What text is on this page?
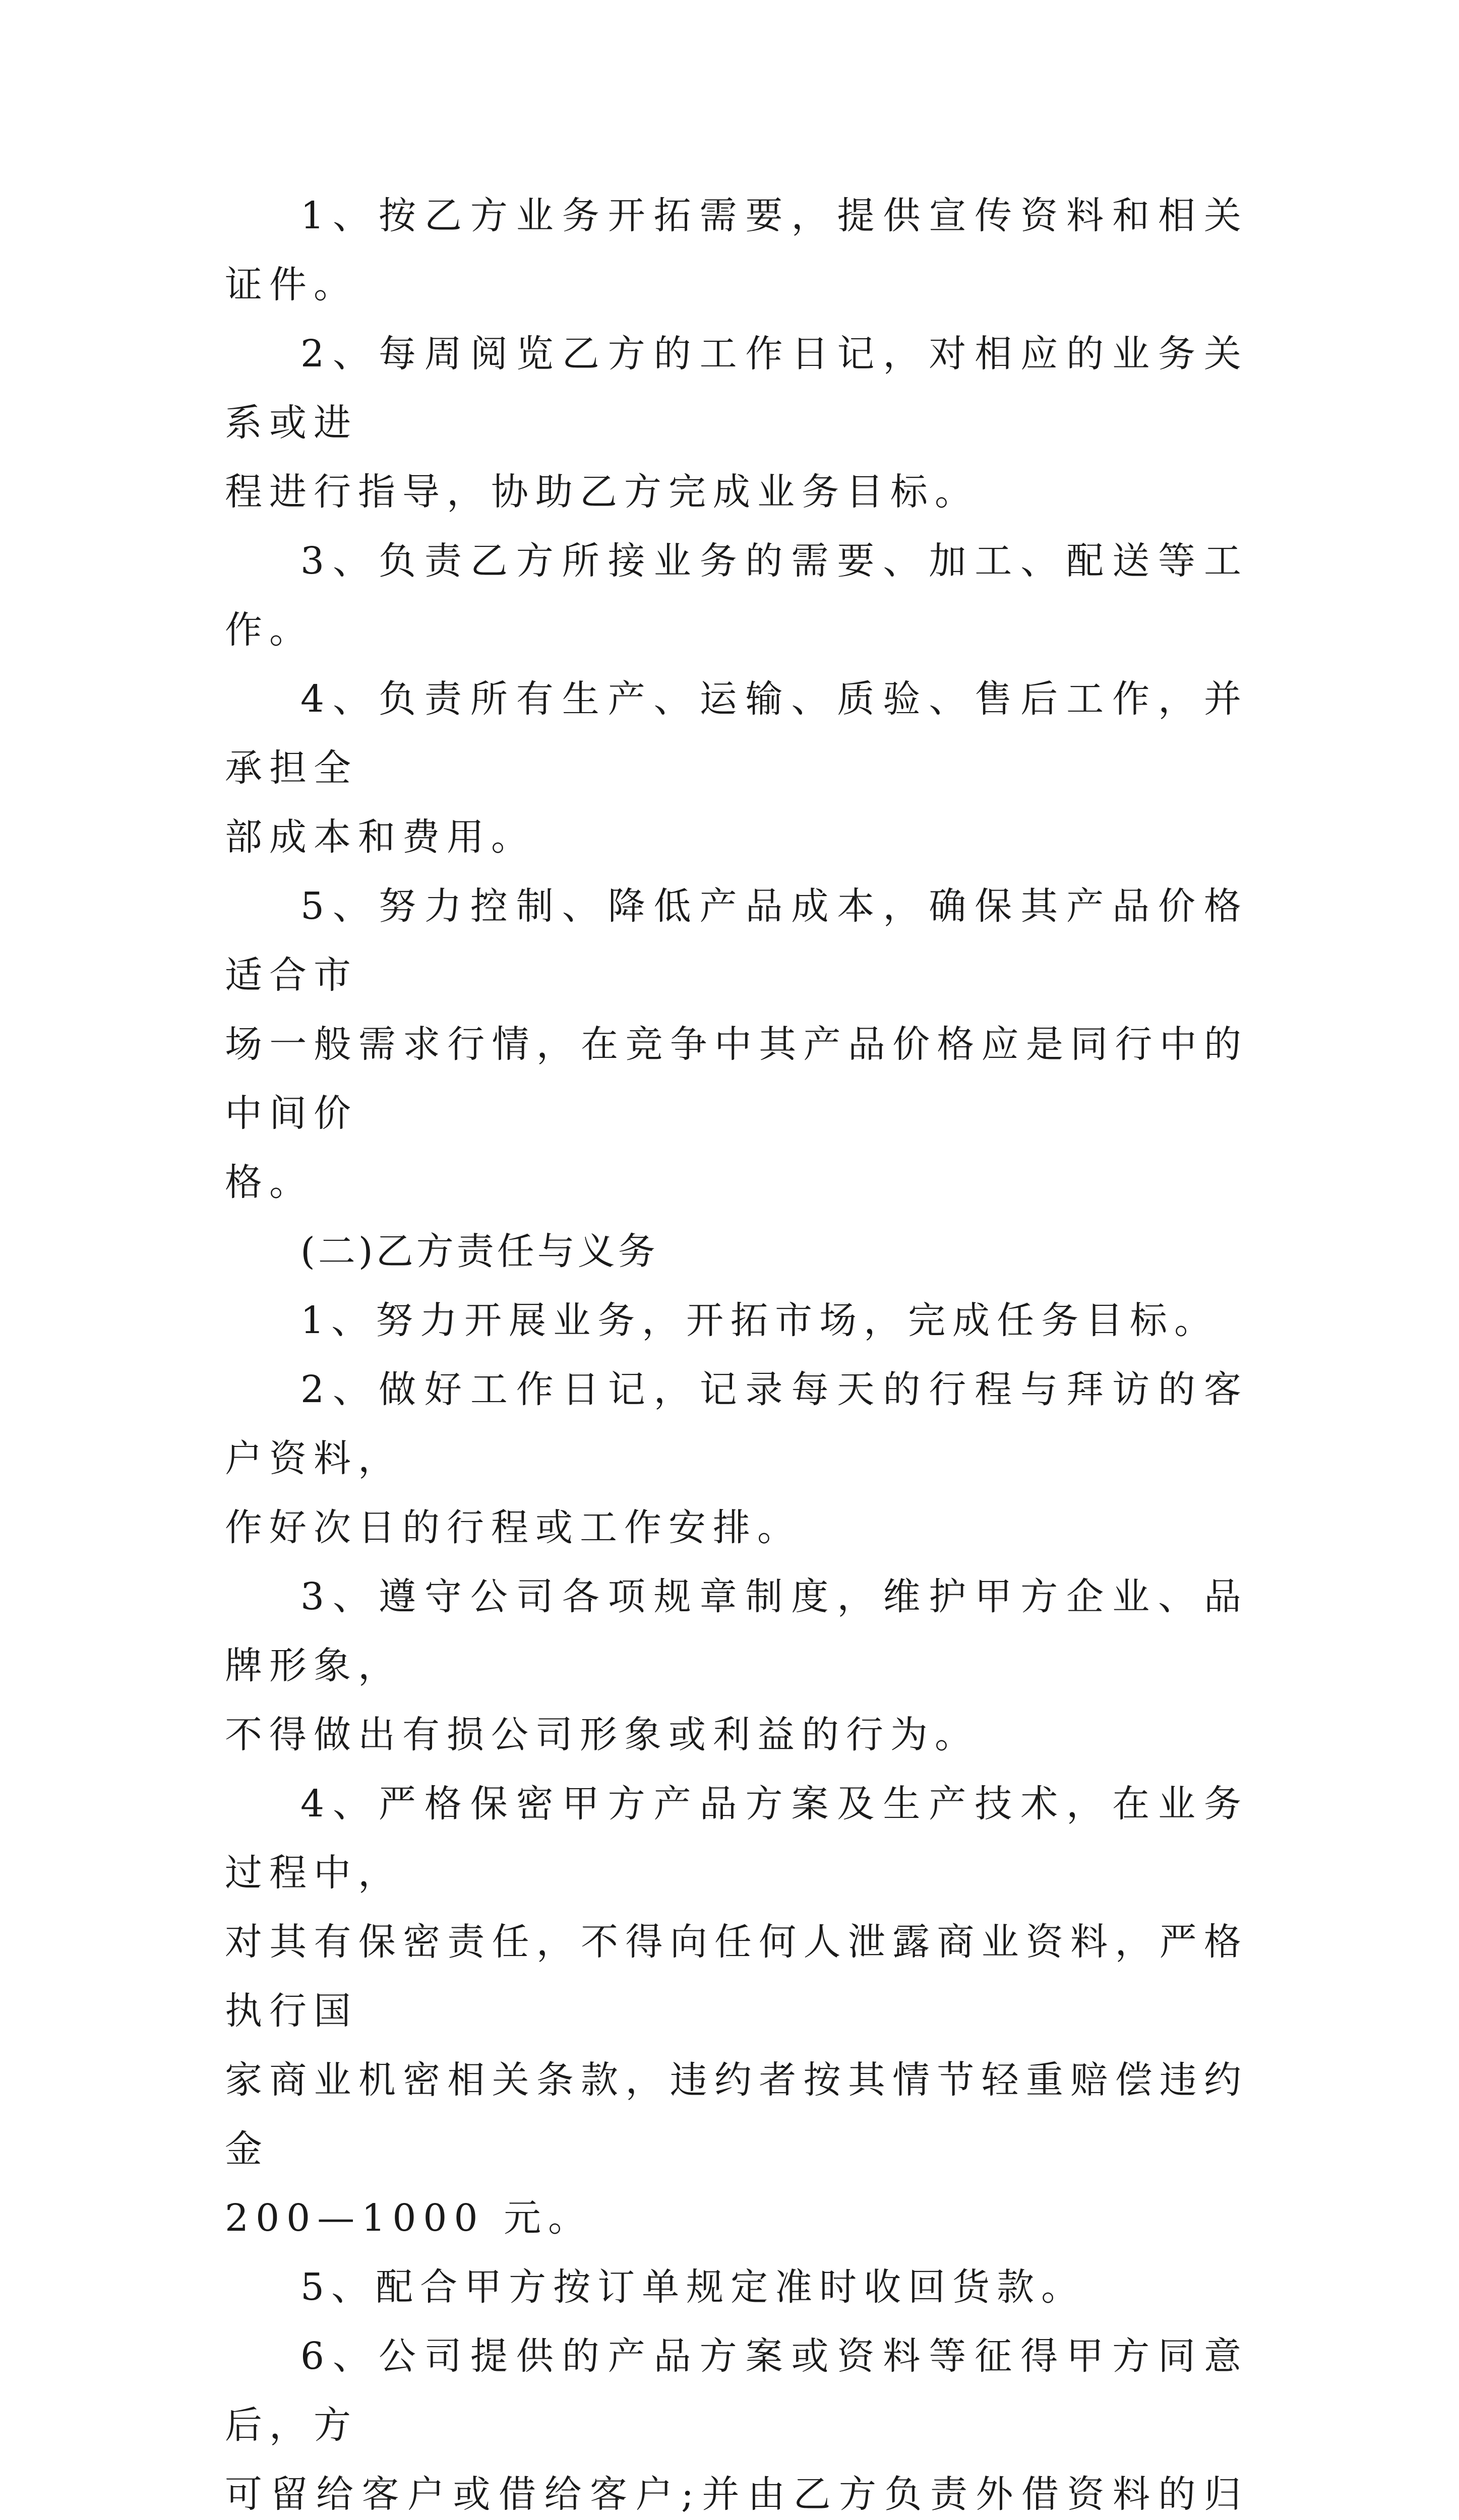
1、按乙方业务开拓需要，提供宣传资料和相关证件。

2、每周阅览乙方的工作日记，对相应的业务关系或进
程进行指导，协助乙方完成业务目标。

3、负责乙方所接业务的需要、加工、配送等工作。

4、负责所有生产、运输、质验、售后工作，并承担全
部成本和费用。

5、努力控制、降低产品成本，确保其产品价格适合市
场一般需求行情，在竞争中其产品价格应是同行中的中间价
格。

(二)乙方责任与义务

1、努力开展业务，开拓市场，完成任务目标。

2、做好工作日记，记录每天的行程与拜访的客户资料，
作好次日的行程或工作安排。

3、遵守公司各项规章制度，维护甲方企业、品牌形象，
不得做出有损公司形象或利益的行为。

4、严格保密甲方产品方案及生产技术，在业务过程中，
对其有保密责任，不得向任何人泄露商业资料，严格执行国
家商业机密相关条款，违约者按其情节轻重赔偿违约金
200—1000 元。

5、配合甲方按订单规定准时收回货款。

6、公司提供的产品方案或资料等征得甲方同意后，方
可留给客户或借给客户;并由乙方负责外借资料的归
